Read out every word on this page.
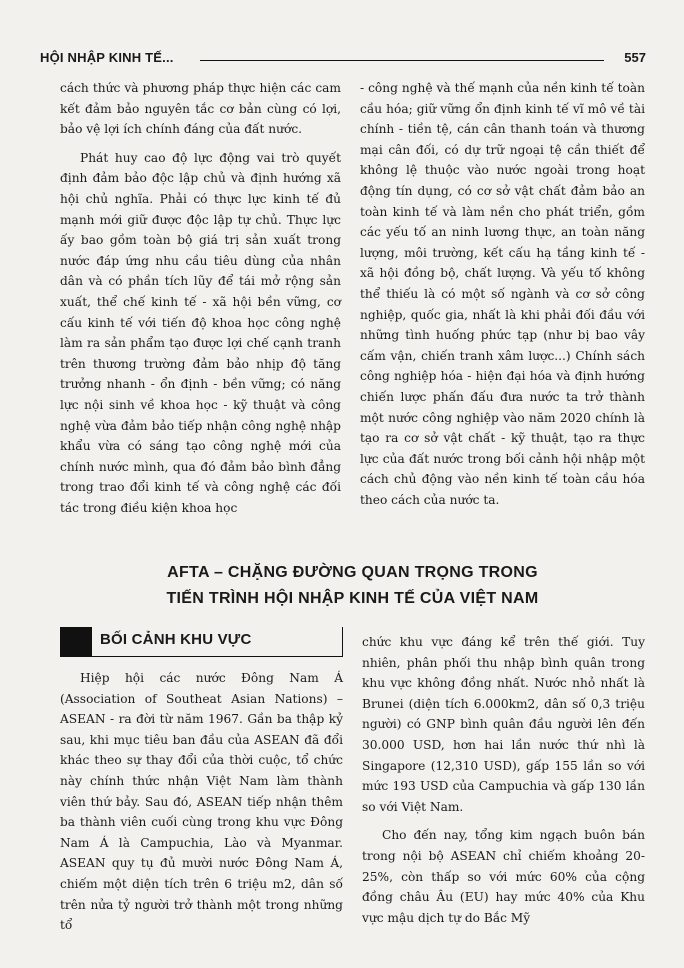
HỘI NHẬP KINH TẾ...	557

cách thức và phương pháp thực hiện các cam kết đảm bảo nguyên tắc cơ bản cùng có lợi, bảo vệ lợi ích chính đáng của đất nước.

Phát huy cao độ lực động vai trò quyết định đảm bảo độc lập chủ và định hướng xã hội chủ nghĩa. Phải có thực lực kinh tế đủ mạnh mới giữ được độc lập tự chủ. Thực lực ấy bao gồm toàn bộ giá trị sản xuất trong nước đáp ứng nhu cầu tiêu dùng của nhân dân và có phần tích lũy để tái mở rộng sản xuất, thể chế kinh tế - xã hội bền vững, cơ cấu kinh tế với tiến độ khoa học công nghệ làm ra sản phẩm tạo được lợi chế cạnh tranh trên thương trường đảm bảo nhịp độ tăng trưởng nhanh - ổn định - bền vững; có năng lực nội sinh về khoa học - kỹ thuật và công nghệ vừa đảm bảo tiếp nhận công nghệ nhập khẩu vừa có sáng tạo công nghệ mới của chính nước mình, qua đó đảm bảo bình đẳng trong trao đổi kinh tế và công nghệ các đối tác trong điều kiện khoa học

- công nghệ và thế mạnh của nền kinh tế toàn cầu hóa; giữ vững ổn định kinh tế vĩ mô về tài chính - tiền tệ, cán cân thanh toán và thương mại cân đối, có dự trữ ngoại tệ cần thiết để không lệ thuộc vào nước ngoài trong hoạt động tín dụng, có cơ sở vật chất đảm bảo an toàn kinh tế và làm nền cho phát triển, gồm các yếu tố an ninh lương thực, an toàn năng lượng, môi trường, kết cấu hạ tầng kinh tế - xã hội đồng bộ, chất lượng. Và yếu tố không thể thiếu là có một số ngành và cơ sở công nghiệp, quốc gia, nhất là khi phải đối đầu với những tình huống phức tạp (như bị bao vây cấm vận, chiến tranh xâm lược...) Chính sách công nghiệp hóa - hiện đại hóa và định hướng chiến lược phấn đấu đưa nước ta trở thành một nước công nghiệp vào năm 2020 chính là tạo ra cơ sở vật chất - kỹ thuật, tạo ra thực lực của đất nước trong bối cảnh hội nhập một cách chủ động vào nền kinh tế toàn cầu hóa theo cách của nước ta.

AFTA – CHẶNG ĐƯỜNG QUAN TRỌNG TRONG
TIẾN TRÌNH HỘI NHẬP KINH TẾ CỦA VIỆT NAM
BỐI CẢNH KHU VỰC

Hiệp hội các nước Đông Nam Á (Association of Southeat Asian Nations) – ASEAN - ra đời từ năm 1967. Gần ba thập kỷ sau, khi mục tiêu ban đầu của ASEAN đã đổi khác theo sự thay đổi của thời cuộc, tổ chức này chính thức nhận Việt Nam làm thành viên thứ bảy. Sau đó, ASEAN tiếp nhận thêm ba thành viên cuối cùng trong khu vực Đông Nam Á là Campuchia, Lào và Myanmar. ASEAN quy tụ đủ mười nước Đông Nam Á, chiếm một diện tích trên 6 triệu m2, dân số trên nửa tỷ người trở thành một trong những tổ

chức khu vực đáng kể trên thế giới. Tuy nhiên, phân phối thu nhập bình quân trong khu vực không đồng nhất. Nước nhỏ nhất là Brunei (diện tích 6.000km2, dân số 0,3 triệu người) có GNP bình quân đầu người lên đến 30.000 USD, hơn hai lần nước thứ nhì là Singapore (12,310 USD), gấp 155 lần so với mức 193 USD của Campuchia và gấp 130 lần so với Việt Nam.

Cho đến nay, tổng kim ngạch buôn bán trong nội bộ ASEAN chỉ chiếm khoảng 20-25%, còn thấp so với mức 60% của cộng đồng châu Âu (EU) hay mức 40% của Khu vực mậu dịch tự do Bắc Mỹ
